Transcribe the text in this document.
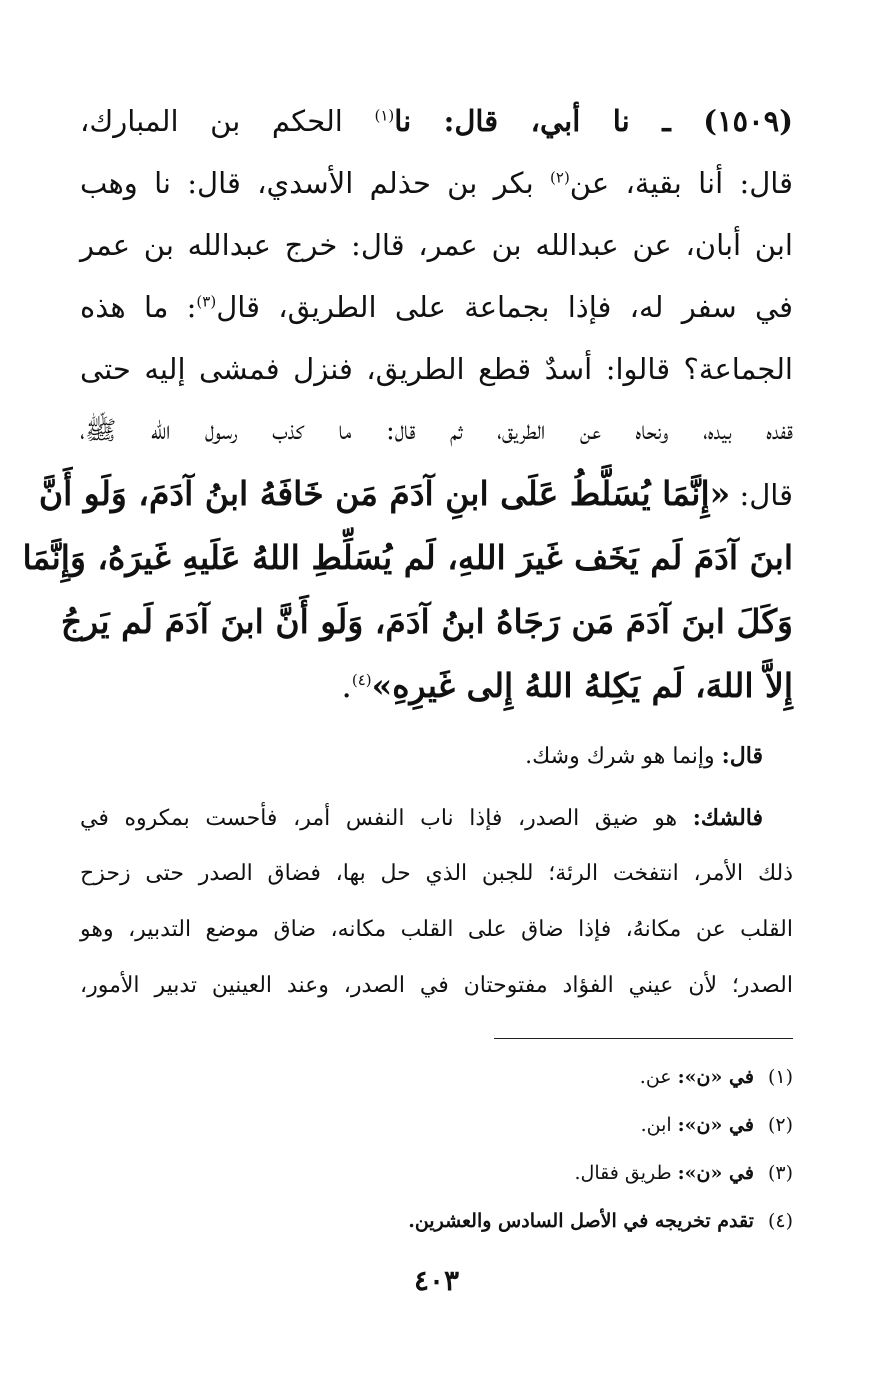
(١٥٠٩) ـ نا أبي، قال: نا$^{(١)}$ الحكم بن المبارك،

قال: أنا بقية، عن$^{(٢)}$ بكر بن حذلم الأسدي، قال: نا وهب

ابن أبان، عن عبدالله بن عمر، قال: خرج عبدالله بن عمر

في سفر له، فإذا بجماعة على الطريق، قال$^{(٣)}$: ما هذه

الجماعة؟ قالوا: أسدٌ قطع الطريق، فنزل فمشى إليه حتى

قفده بيده، ونحاه عن الطريق، ثم قال: ما كذب رسول الله ﷺ،

قال: «إِنَّمَا يُسَلَّطُ عَلَى ابنِ آدَمَ مَن خَافَهُ ابنُ آدَمَ، وَلَو أَنَّ

ابنَ آدَمَ لَم يَخَف غَيرَ اللهِ، لَم يُسَلِّطِ اللهُ عَلَيهِ غَيرَهُ، وَإِنَّمَا

وَكَلَ ابنَ آدَمَ مَن رَجَاهُ ابنُ آدَمَ، وَلَو أَنَّ ابنَ آدَمَ لَم يَرجُ

إِلاَّ اللهَ، لَم يَكِلهُ اللهُ إِلى غَيرِهِ»$^{(٤)}$.

قال: وإنما هو شرك وشك.

فالشك: هو ضيق الصدر، فإذا ناب النفس أمر، فأحست بمكروه في

ذلك الأمر، انتفخت الرئة؛ للجبن الذي حل بها، فضاق الصدر حتى زحزح

القلب عن مكانهُ، فإذا ضاق على القلب مكانه، ضاق موضع التدبير، وهو

الصدر؛ لأن عيني الفؤاد مفتوحتان في الصدر، وعند العينين تدبير الأمور،

(١)في «ن»: عن.

(٢)في «ن»: ابن.

(٣)في «ن»: طريق فقال.

(٤)تقدم تخريجه في الأصل السادس والعشرين.

٤٠٣
